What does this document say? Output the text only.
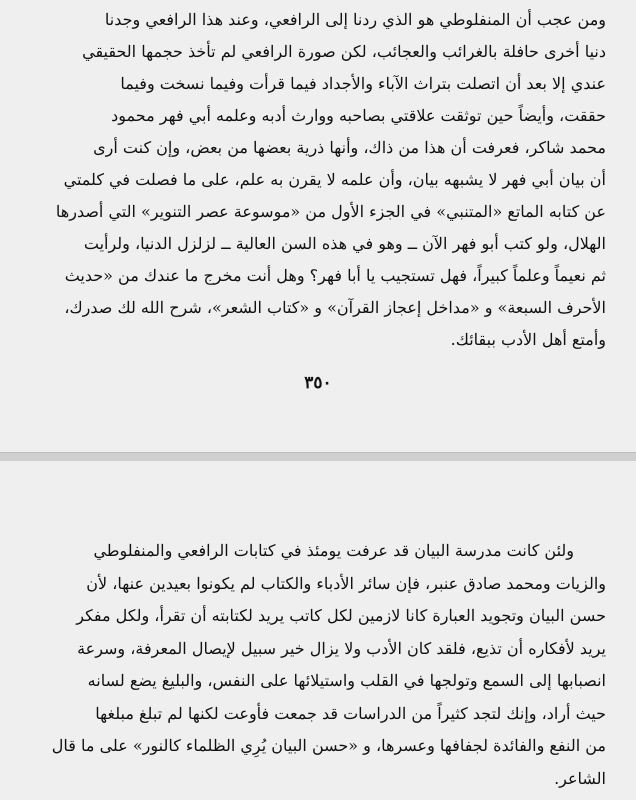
ومن عجب أن المنفلوطي هو الذي ردنا إلى الرافعي، وعند هذا الرافعي وجدنا
دنيا أخرى حافلة بالغرائب والعجائب، لكن صورة الرافعي لم تأخذ حجمها الحقيقي
عندي إلا بعد أن اتصلت بتراث الآباء والأجداد فيما قرأت وفيما نسخت وفيما
حققت، وأيضاً حين توثقت علاقتي بصاحبه ووارث أدبه وعلمه أبي فهر محمود
محمد شاكر، فعرفت أن هذا من ذاك، وأنها ذرية بعضها من بعض، وإن كنت أرى
أن بيان أبي فهر لا يشبهه بيان، وأن علمه لا يقرن به علم، على ما فصلت في كلمتي
عن كتابه الماتع «المتنبي» في الجزء الأول من «موسوعة عصر التنوير» التي أصدرها
الهلال، ولو كتب أبو فهر الآن ــ وهو في هذه السن العالية ــ لزلزل الدنيا، ولرأيت
ثم نعيماً وعلماً كبيراً، فهل تستجيب يا أبا فهر؟ وهل أنت مخرج ما عندك من «حديث
الأحرف السبعة» و «مداخل إعجاز القرآن» و «كتاب الشعر»، شرح الله لك صدرك،
وأمتع أهل الأدب ببقائك.
٣٥٠
ولئن كانت مدرسة البيان قد عرفت يومئذ في كتابات الرافعي والمنفلوطي
والزيات ومحمد صادق عنبر، فإن سائر الأدباء والكتاب لم يكونوا بعيدين عنها، لأن
حسن البيان وتجويد العبارة كانا لازمين لكل كاتب يريد لكتابته أن تقرأ، ولكل مفكر
يريد لأفكاره أن تذيع، فلقد كان الأدب ولا يزال خير سبيل لإيصال المعرفة، وسرعة
انصبابها إلى السمع وتولجها في القلب واستيلائها على النفس، والبليغ يضع لسانه
حيث أراد، وإنك لتجد كثيراً من الدراسات قد جمعت فأوعت لكنها لم تبلغ مبلغها
من النفع والفائدة لجفافها وعسرها، و «حسن البيان يُرِي الظلماء كالنور» على ما قال
الشاعر.
